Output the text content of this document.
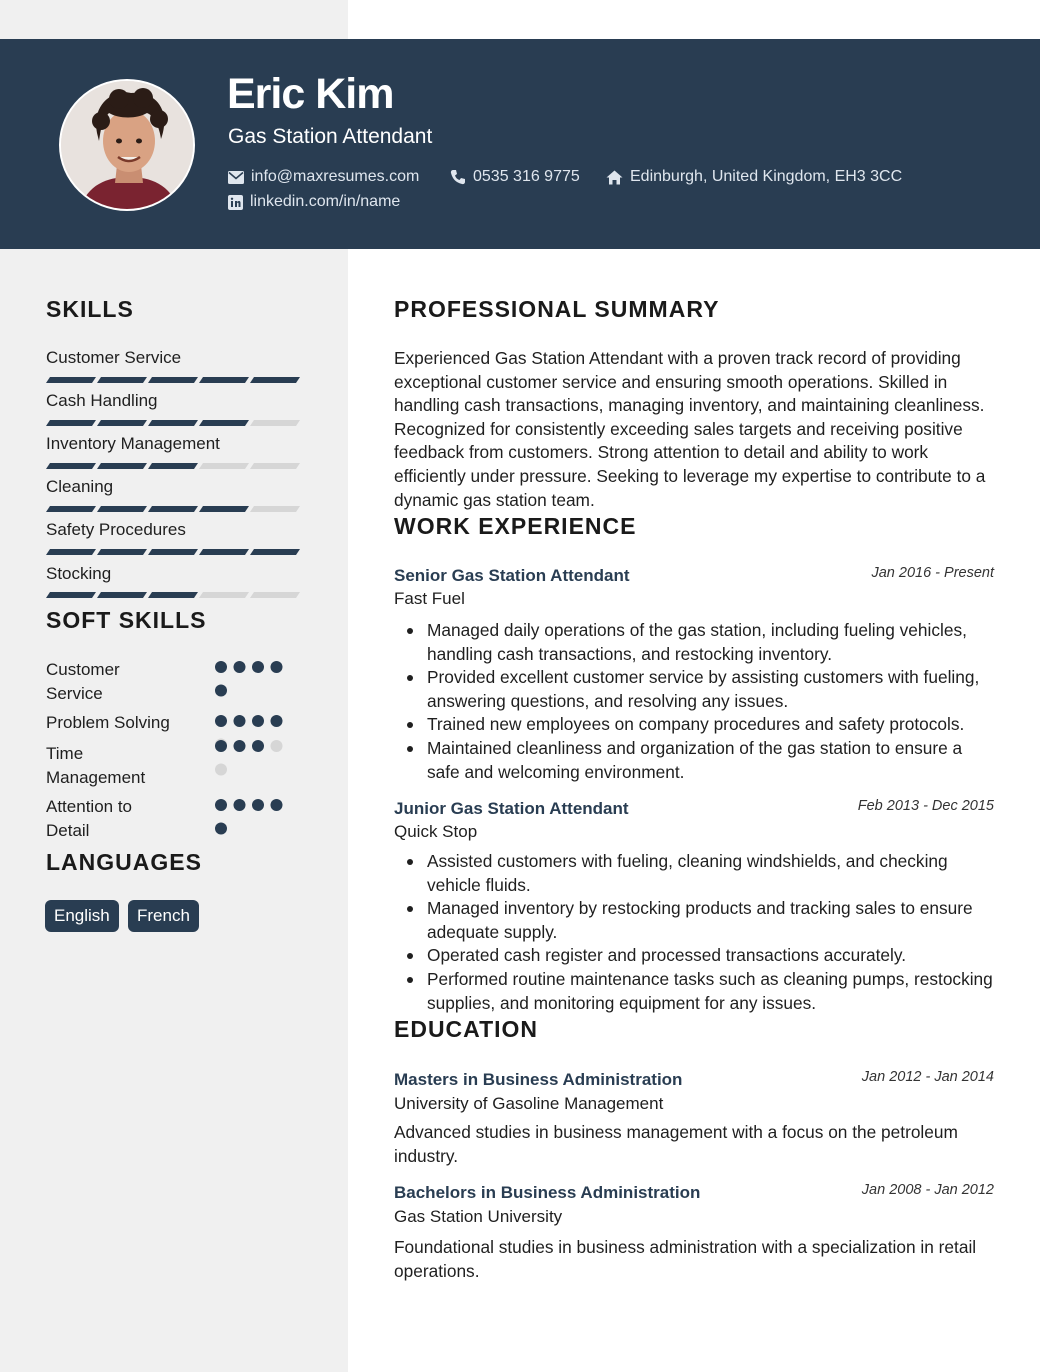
Eric Kim
Gas Station Attendant
info@maxresumes.com	0535 316 9775	Edinburgh, United Kingdom, EH3 3CC
linkedin.com/in/name
SKILLS
Customer Service
Cash Handling
Inventory Management
Cleaning
Safety Procedures
Stocking
SOFT SKILLS
Customer Service
Problem Solving
Time Management
Attention to Detail
LANGUAGES
English	French
PROFESSIONAL SUMMARY
Experienced Gas Station Attendant with a proven track record of providing exceptional customer service and ensuring smooth operations. Skilled in handling cash transactions, managing inventory, and maintaining cleanliness. Recognized for consistently exceeding sales targets and receiving positive feedback from customers. Strong attention to detail and ability to work efficiently under pressure. Seeking to leverage my expertise to contribute to a dynamic gas station team.
WORK EXPERIENCE
Senior Gas Station Attendant	Jan 2016 - Present
Fast Fuel
Managed daily operations of the gas station, including fueling vehicles, handling cash transactions, and restocking inventory.
Provided excellent customer service by assisting customers with fueling, answering questions, and resolving any issues.
Trained new employees on company procedures and safety protocols.
Maintained cleanliness and organization of the gas station to ensure a safe and welcoming environment.
Junior Gas Station Attendant	Feb 2013 - Dec 2015
Quick Stop
Assisted customers with fueling, cleaning windshields, and checking vehicle fluids.
Managed inventory by restocking products and tracking sales to ensure adequate supply.
Operated cash register and processed transactions accurately.
Performed routine maintenance tasks such as cleaning pumps, restocking supplies, and monitoring equipment for any issues.
EDUCATION
Masters in Business Administration	Jan 2012 - Jan 2014
University of Gasoline Management
Advanced studies in business management with a focus on the petroleum industry.
Bachelors in Business Administration	Jan 2008 - Jan 2012
Gas Station University
Foundational studies in business administration with a specialization in retail operations.
